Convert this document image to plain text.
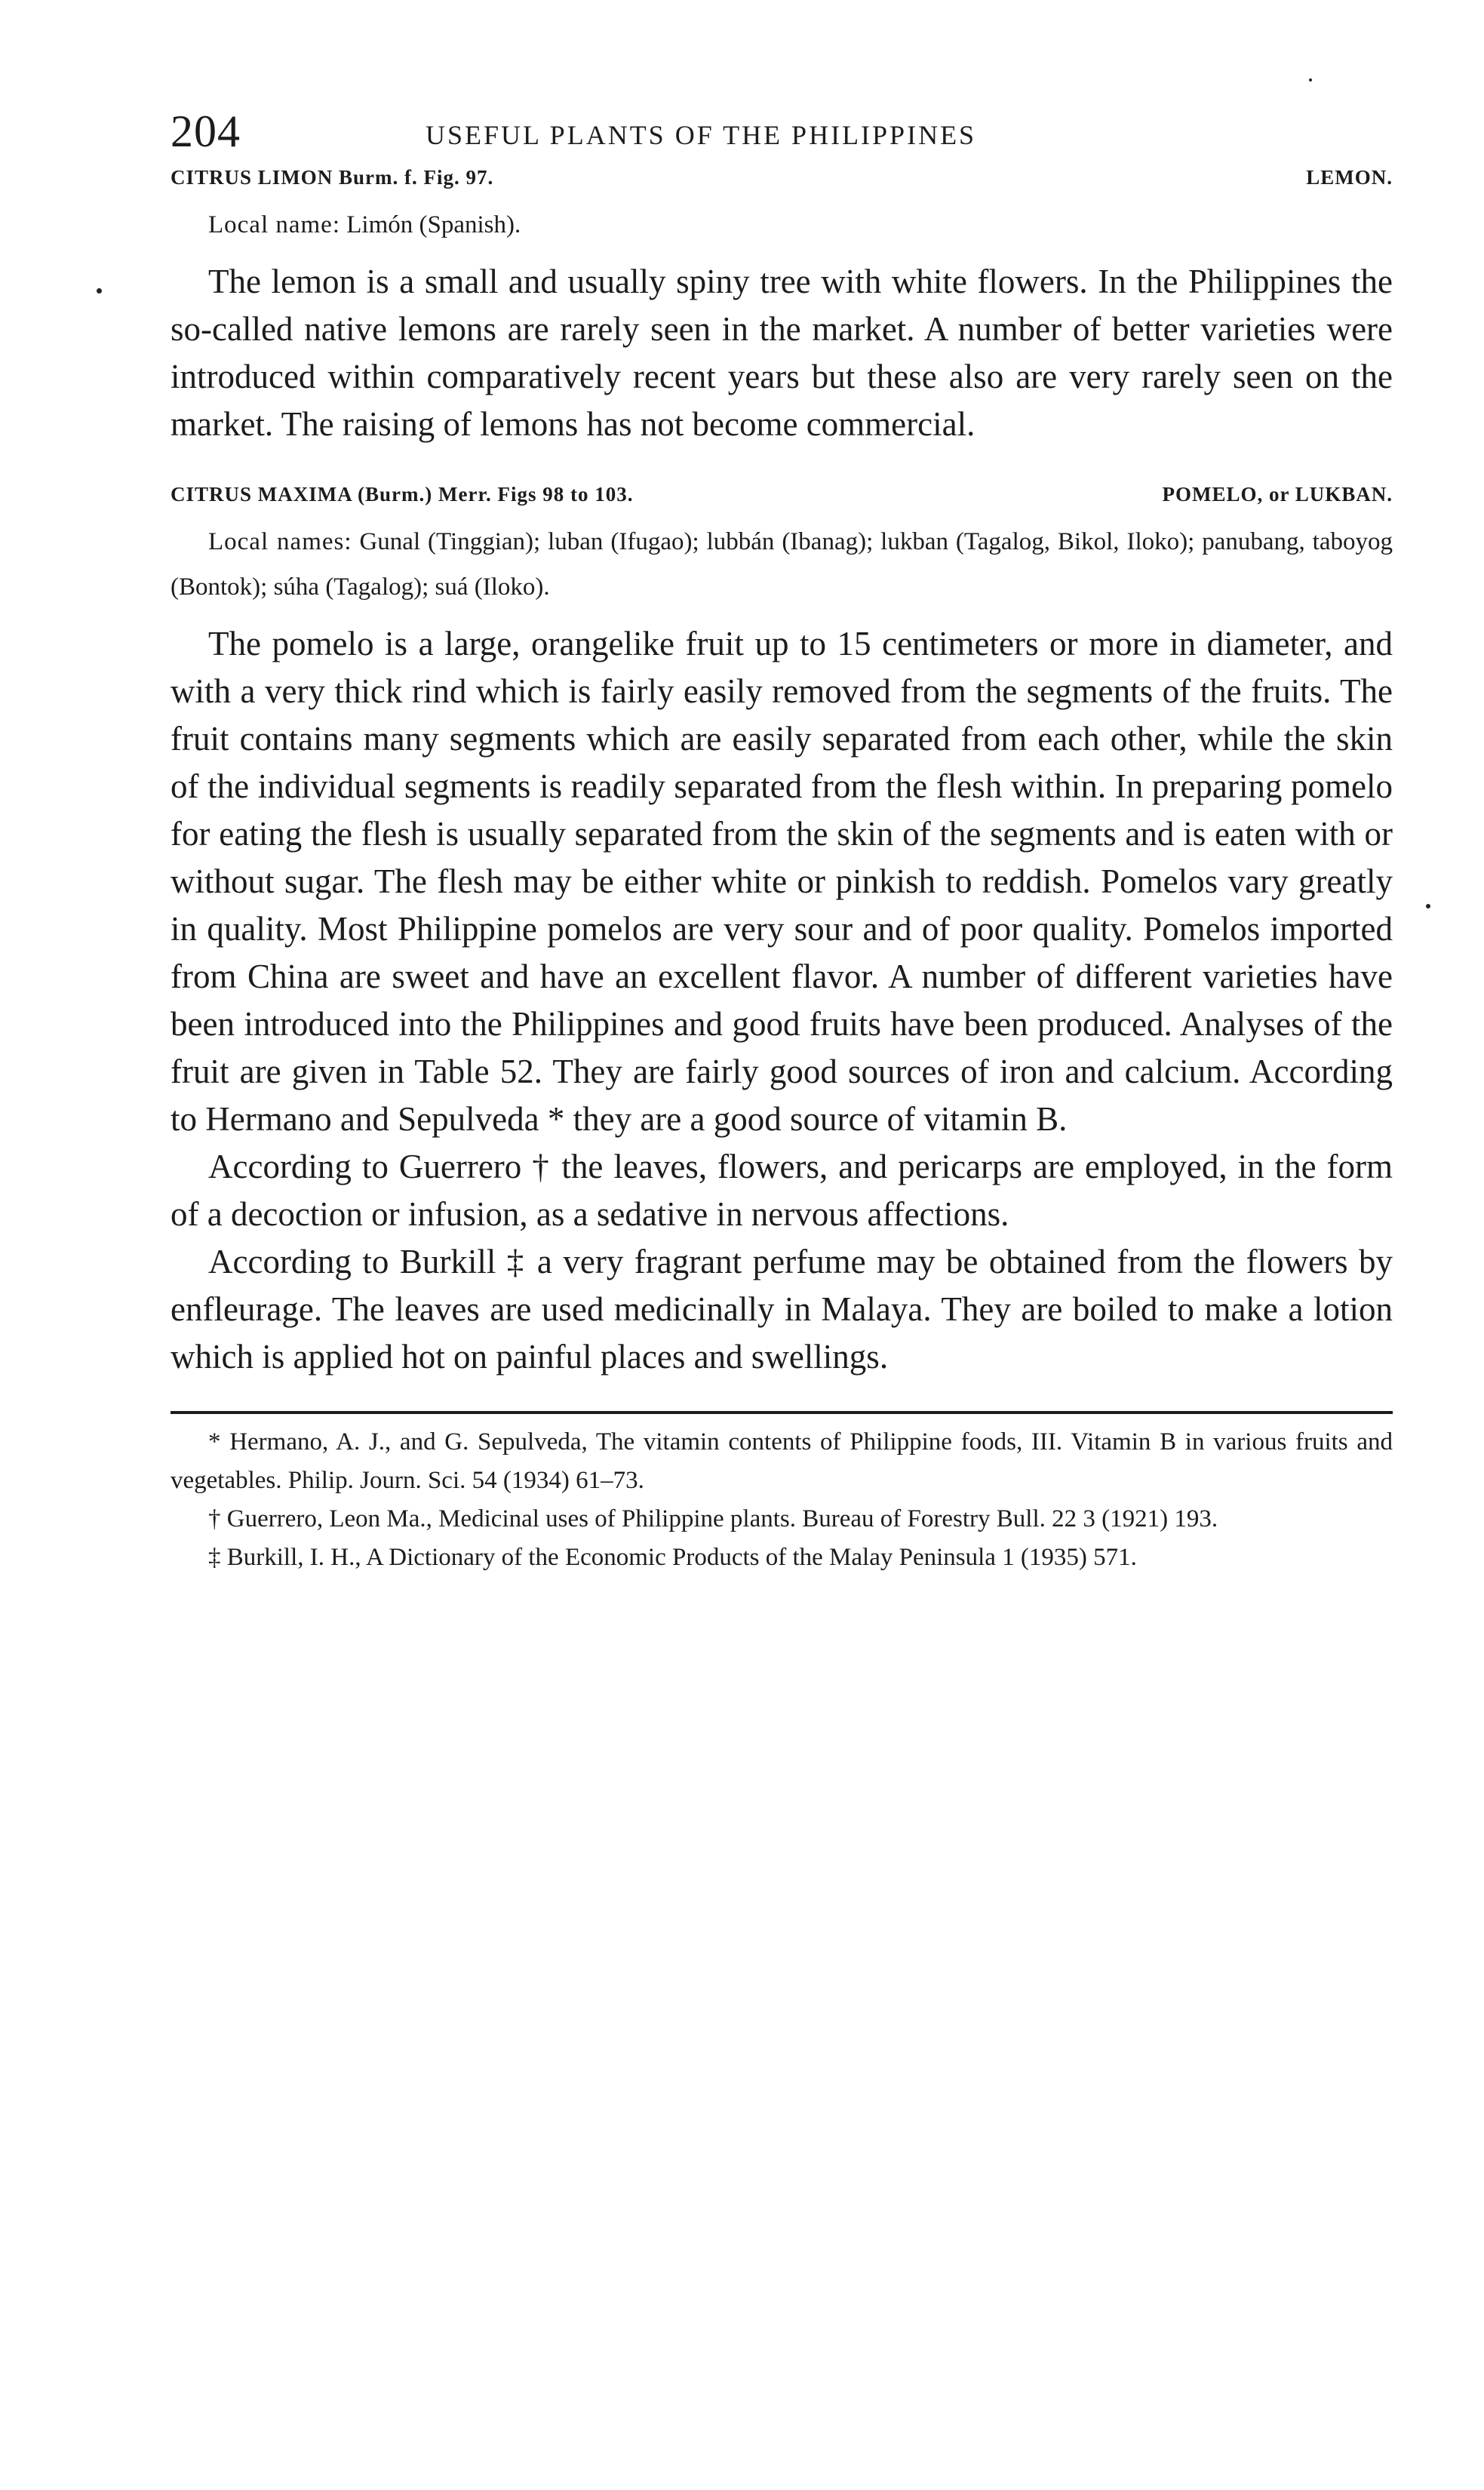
204	USEFUL PLANTS OF THE PHILIPPINES
CITRUS LIMON Burm. f. Fig. 97.	LEMON.

Local name: Limón (Spanish).

The lemon is a small and usually spiny tree with white flowers. In the Philippines the so-called native lemons are rarely seen in the market. A number of better varieties were introduced within comparatively recent years but these also are very rarely seen on the market. The raising of lemons has not become commercial.

CITRUS MAXIMA (Burm.) Merr. Figs 98 to 103.	POMELO, or LUKBAN.

Local names: Gunal (Tinggian); luban (Ifugao); lubbán (Ibanag); lukban (Tagalog, Bikol, Iloko); panubang, taboyog (Bontok); súha (Tagalog); suá (Iloko).

The pomelo is a large, orangelike fruit up to 15 centimeters or more in diameter, and with a very thick rind which is fairly easily removed from the segments of the fruits. The fruit contains many segments which are easily separated from each other, while the skin of the individual segments is readily separated from the flesh within. In preparing pomelo for eating the flesh is usually separated from the skin of the segments and is eaten with or without sugar. The flesh may be either white or pinkish to reddish. Pomelos vary greatly in quality. Most Philippine pomelos are very sour and of poor quality. Pomelos imported from China are sweet and have an excellent flavor. A number of different varieties have been introduced into the Philippines and good fruits have been produced. Analyses of the fruit are given in Table 52. They are fairly good sources of iron and calcium. According to Hermano and Sepulveda * they are a good source of vitamin B.

According to Guerrero † the leaves, flowers, and pericarps are employed, in the form of a decoction or infusion, as a sedative in nervous affections.

According to Burkill ‡ a very fragrant perfume may be obtained from the flowers by enfleurage. The leaves are used medicinally in Malaya. They are boiled to make a lotion which is applied hot on painful places and swellings.

* Hermano, A. J., and G. Sepulveda, The vitamin contents of Philippine foods, III. Vitamin B in various fruits and vegetables. Philip. Journ. Sci. 54 (1934) 61–73.

† Guerrero, Leon Ma., Medicinal uses of Philippine plants. Bureau of Forestry Bull. 22 3 (1921) 193.

‡ Burkill, I. H., A Dictionary of the Economic Products of the Malay Peninsula 1 (1935) 571.
